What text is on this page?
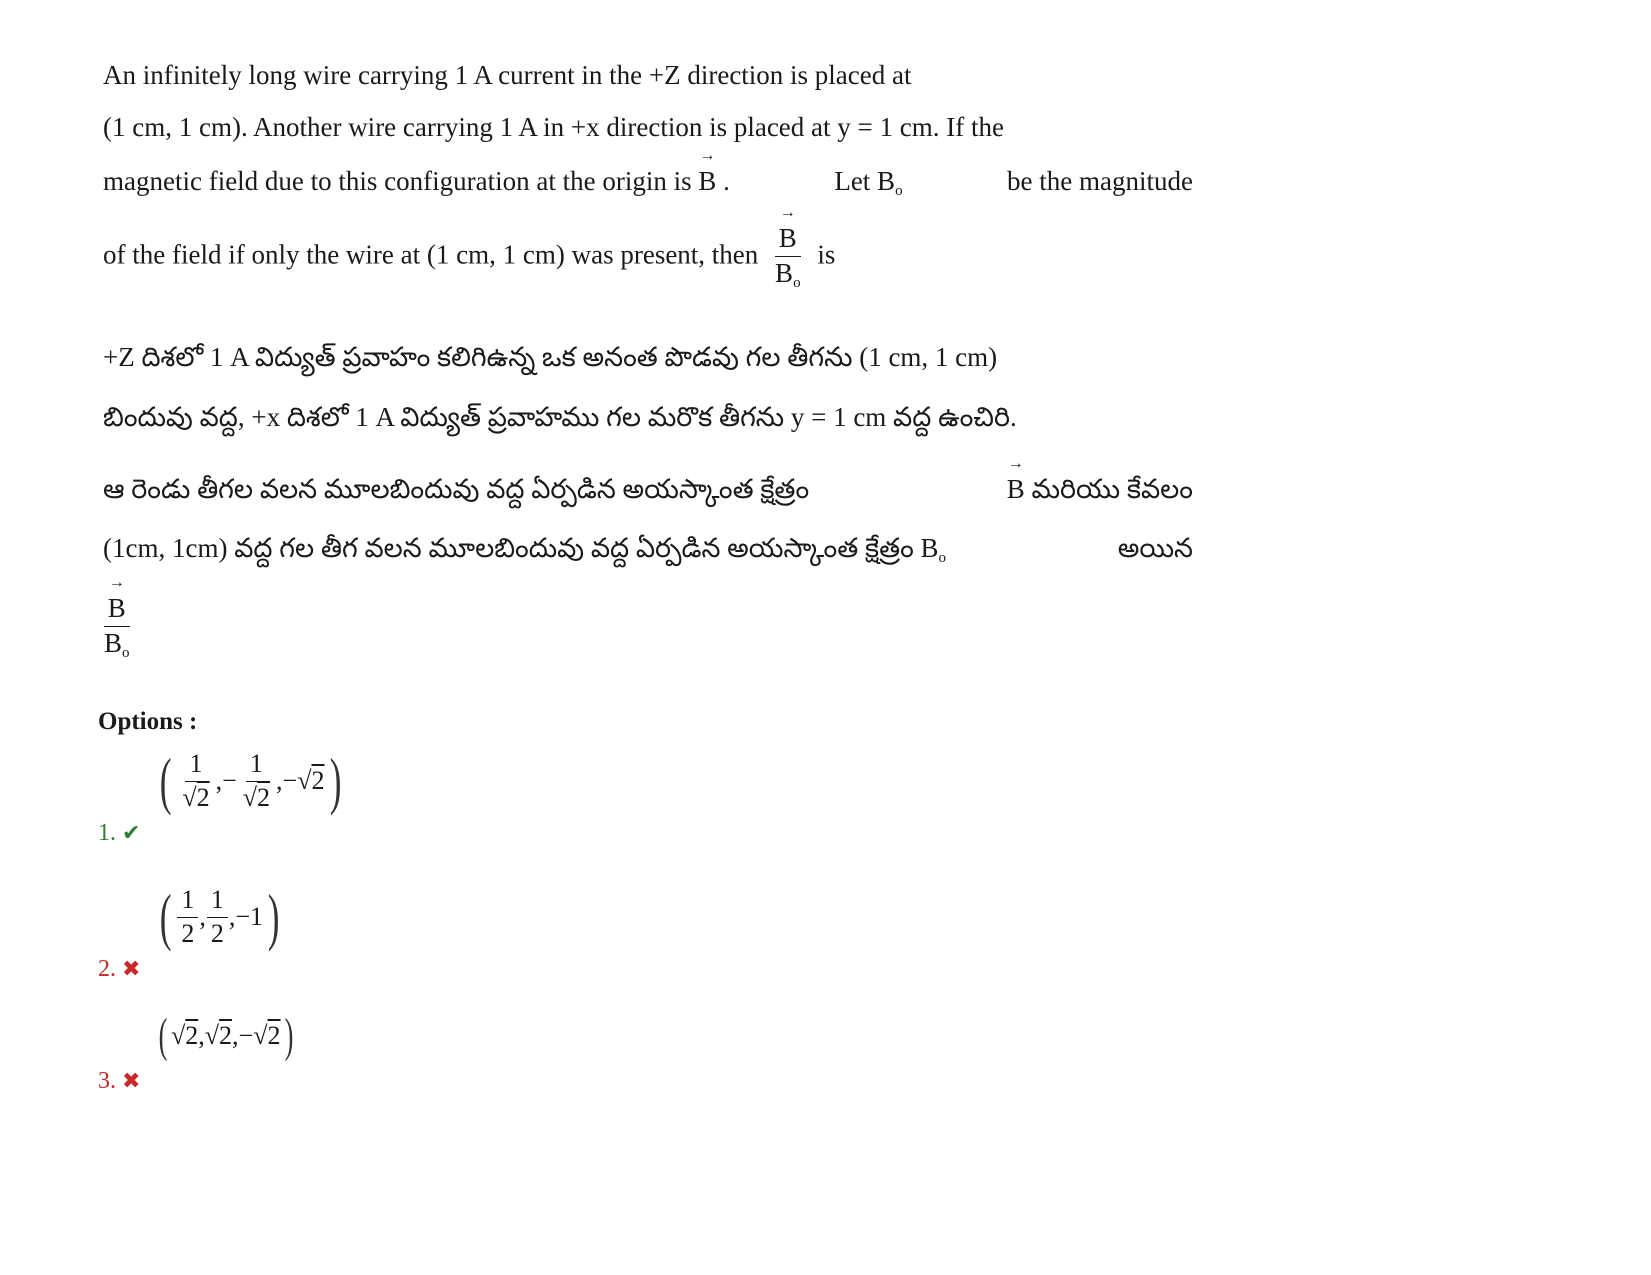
An infinitely long wire carrying 1 A current in the +Z direction is placed at
(1 cm, 1 cm). Another wire carrying 1 A in +x direction is placed at y = 1 cm. If the
magnetic field due to this configuration at the origin is → B .	Let $B_o$	be the magnitude
of the field if only the wire at (1 cm, 1 cm) was present, then → $\frac{B}{B_o}$ is
+Z దిశలో 1 A విద్యుత్ ప్రవాహం కలిగిఉన్న ఒక అనంత పొడవు గల తీగను (1 cm, 1 cm)
బిందువు వద్ద, +x దిశలో 1 A విద్యుత్ ప్రవాహము గల మరొక తీగను y = 1 cm వద్ద ఉంచిరి.
ఆ రెండు తీగల వలన మూలబిందువు వద్ద ఏర్పడిన అయస్కాంత క్షేత్రం	→ B మరియు కేవలం
(1cm, 1cm) వద్ద గల తీగ వలన మూలబిందువు వద్ద ఏర్పడిన అయస్కాంత క్షేత్రం $B_o$	అయిన
→ $\frac{B}{B_o}$
Options :
1. ✔
( $\frac{1}{√2}$ , − $\frac{1}{√2}$ , − √2 )
2. ✖
( $\frac{1}{2}$ , $\frac{1}{2}$ , −1 )
3. ✖
( √2 , √2 , − √2 )
